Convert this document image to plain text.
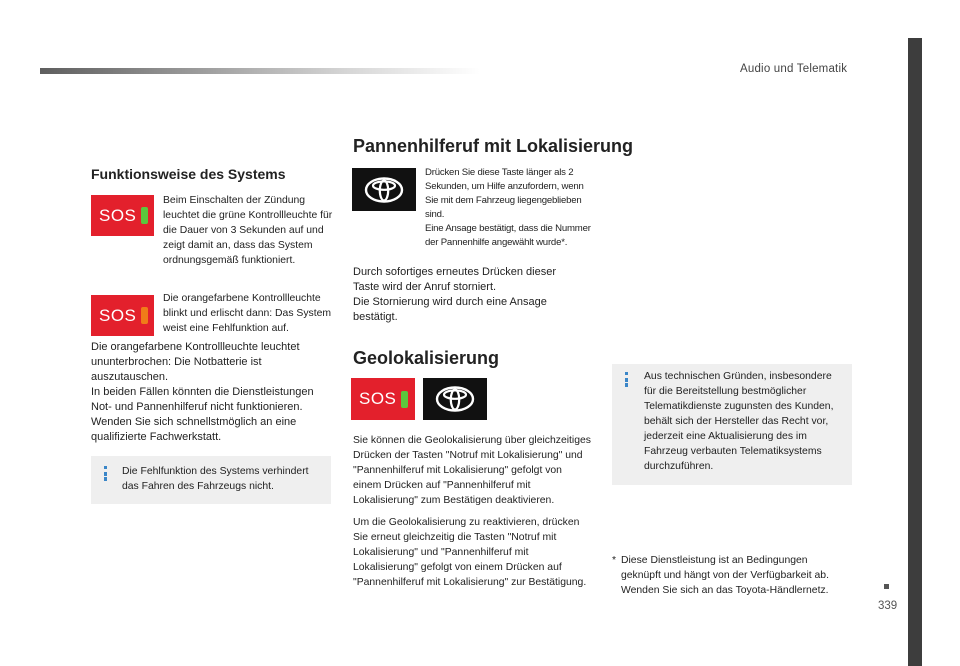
Audio und Telematik
339
Funktionsweise des Systems
SOS
Beim Einschalten der Zündung leuchtet die grüne Kontrollleuchte für die Dauer von 3 Sekunden auf und zeigt damit an, dass das System ordnungsgemäß funktioniert.
SOS
Die orangefarbene Kontrollleuchte blinkt und erlischt dann: Das System weist eine Fehlfunktion auf.
Die orangefarbene Kontrollleuchte leuchtet ununterbrochen: Die Notbatterie ist auszutauschen.
In beiden Fällen könnten die Dienstleistungen Not- und Pannenhilferuf nicht funktionieren.
Wenden Sie sich schnellstmöglich an eine qualifizierte Fachwerkstatt.
Die Fehlfunktion des Systems verhindert das Fahren des Fahrzeugs nicht.
Pannenhilferuf mit Lokalisierung
Drücken Sie diese Taste länger als 2 Sekunden, um Hilfe anzufordern, wenn Sie mit dem Fahrzeug liegengeblieben sind.
Eine Ansage bestätigt, dass die Nummer der Pannenhilfe angewählt wurde*.
Durch sofortiges erneutes Drücken dieser Taste wird der Anruf storniert.
Die Stornierung wird durch eine Ansage bestätigt.
Geolokalisierung
SOS
Sie können die Geolokalisierung über gleichzeitiges Drücken der Tasten "Notruf mit Lokalisierung" und "Pannenhilferuf mit Lokalisierung" gefolgt von einem Drücken auf "Pannenhilferuf mit Lokalisierung" zum Bestätigen deaktivieren.
Um die Geolokalisierung zu reaktivieren, drücken Sie erneut gleichzeitig die Tasten "Notruf mit Lokalisierung" und "Pannenhilferuf mit Lokalisierung" gefolgt von einem Drücken auf "Pannenhilferuf mit Lokalisierung" zur Bestätigung.
Aus technischen Gründen, insbesondere für die Bereitstellung bestmöglicher Telematikdienste zugunsten des Kunden, behält sich der Hersteller das Recht vor, jederzeit eine Aktualisierung des im Fahrzeug verbauten Telematiksystems durchzuführen.
* Diese Dienstleistung ist an Bedingungen geknüpft und hängt von der Verfügbarkeit ab. Wenden Sie sich an das Toyota-Händlernetz.
